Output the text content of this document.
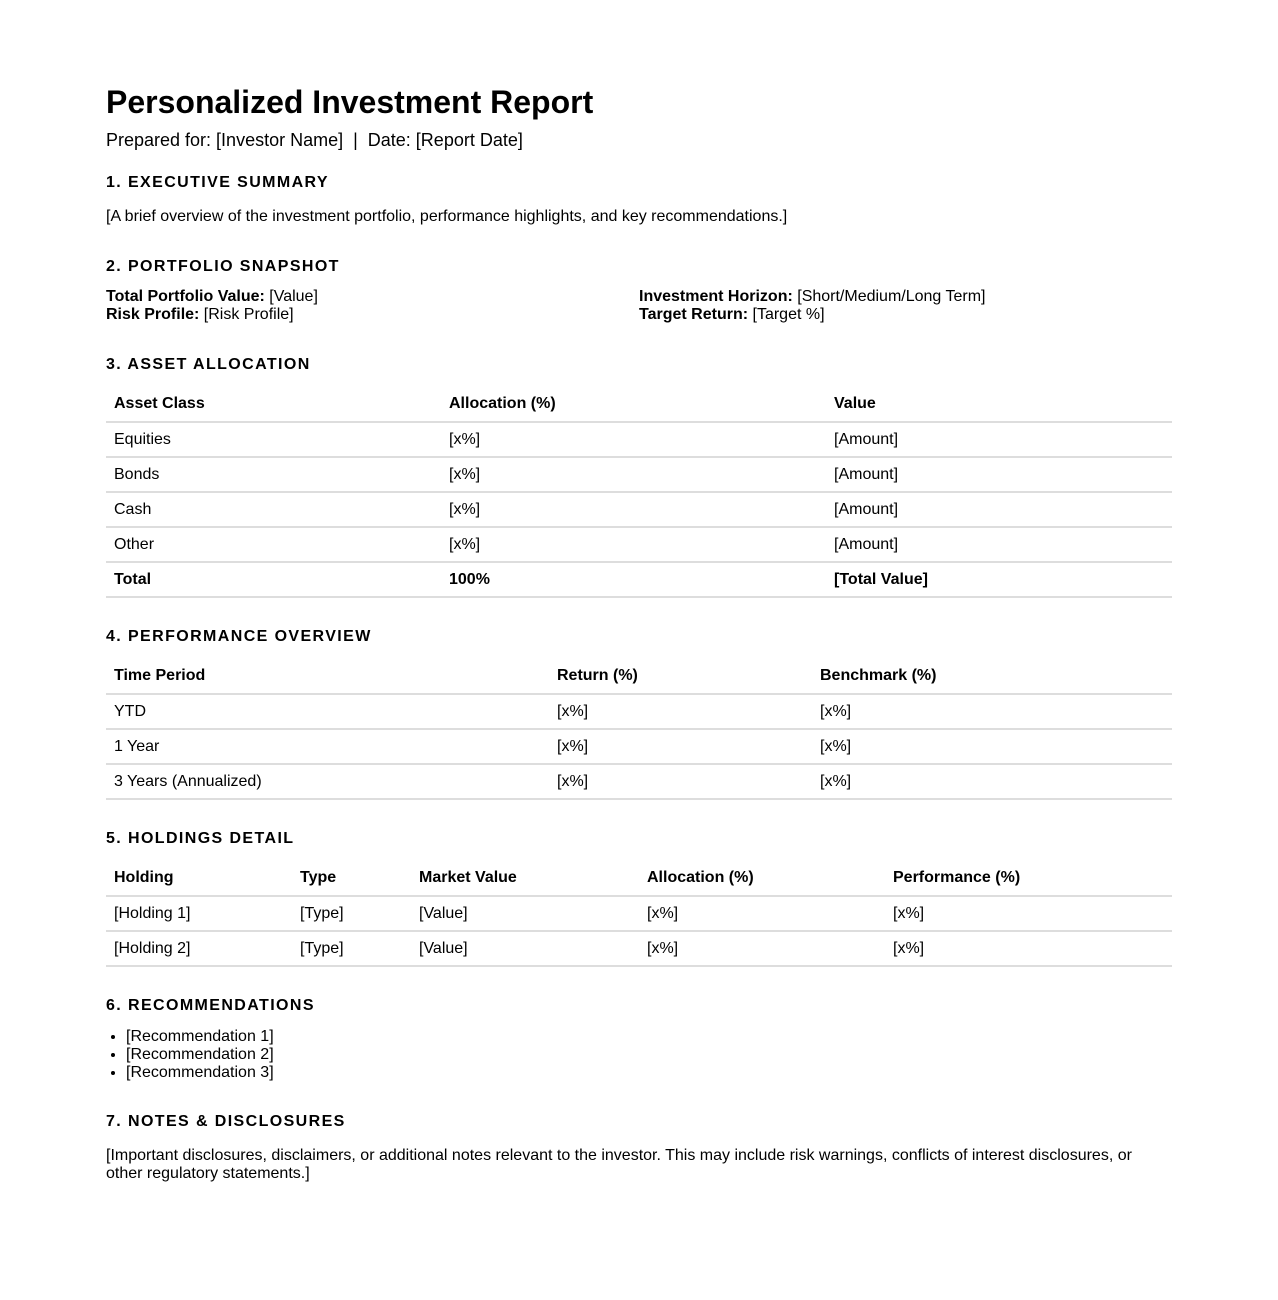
Personalized Investment Report
Prepared for: [Investor Name]  |  Date: [Report Date]
1. EXECUTIVE SUMMARY

[A brief overview of the investment portfolio, performance highlights, and key recommendations.]

2. PORTFOLIO SNAPSHOT
Total Portfolio Value: [Value]
Risk Profile: [Risk Profile]
Investment Horizon: [Short/Medium/Long Term]
Target Return: [Target %]
3. ASSET ALLOCATION
Asset Class	Allocation (%)	Value
Equities	[x%]	[Amount]
Bonds	[x%]	[Amount]
Cash	[x%]	[Amount]
Other	[x%]	[Amount]
Total	100%	[Total Value]
4. PERFORMANCE OVERVIEW
Time Period	Return (%)	Benchmark (%)
YTD	[x%]	[x%]
1 Year	[x%]	[x%]
3 Years (Annualized)	[x%]	[x%]
5. HOLDINGS DETAIL
Holding	Type	Market Value	Allocation (%)	Performance (%)
[Holding 1]	[Type]	[Value]	[x%]	[x%]
[Holding 2]	[Type]	[Value]	[x%]	[x%]
6. RECOMMENDATIONS
• [Recommendation 1]
• [Recommendation 2]
• [Recommendation 3]
7. NOTES & DISCLOSURES

[Important disclosures, disclaimers, or additional notes relevant to the investor. This may include risk warnings, conflicts of interest disclosures, or other regulatory statements.]
